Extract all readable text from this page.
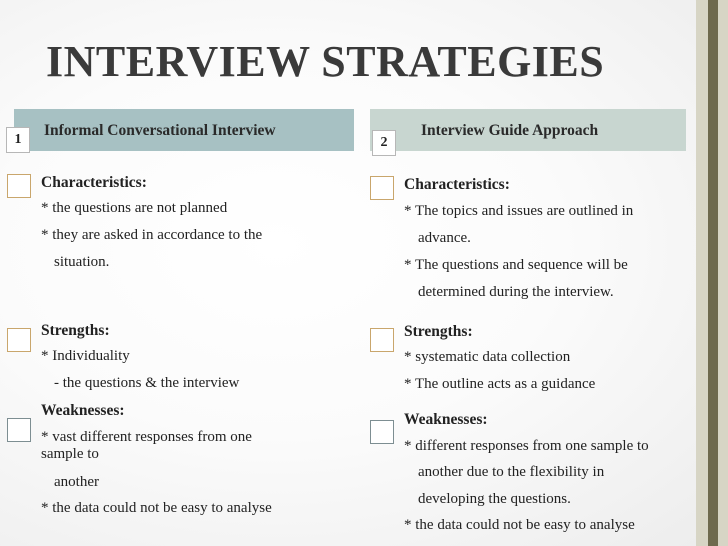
INTERVIEW STRATEGIES
Informal Conversational Interview
1
Interview Guide Approach
2
Characteristics:
* the questions are not planned
* they are asked in accordance to the
situation.
Strengths:
* Individuality
- the questions & the interview
Weaknesses:
* vast different responses from one
sample to
another
* the data could not be easy to analyse
Characteristics:
* The topics and issues are outlined in
advance.
* The questions and sequence will be
determined during the interview.
Strengths:
* systematic data collection
* The outline acts as a guidance
Weaknesses:
* different responses from one sample to
another due to the flexibility in
developing the questions.
* the data could not be easy to analyse
